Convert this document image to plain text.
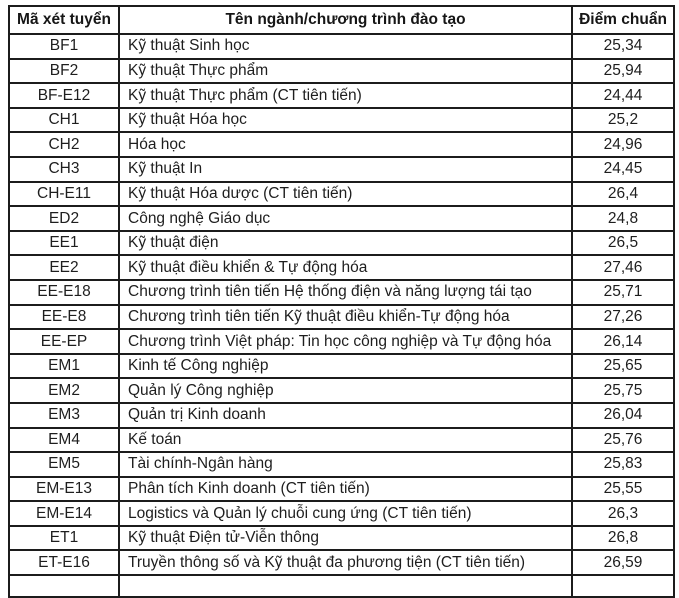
Mã xét tuyển	Tên ngành/chương trình đào tạo	Điểm chuẩn
BF1	Kỹ thuật Sinh học	25,34
BF2	Kỹ thuật Thực phẩm	25,94
BF-E12	Kỹ thuật Thực phẩm (CT tiên tiến)	24,44
CH1	Kỹ thuật Hóa học	25,2
CH2	Hóa học	24,96
CH3	Kỹ thuật In	24,45
CH-E11	Kỹ thuật Hóa dược (CT tiên tiến)	26,4
ED2	Công nghệ Giáo dục	24,8
EE1	Kỹ thuật điện	26,5
EE2	Kỹ thuật điều khiển & Tự động hóa	27,46
EE-E18	Chương trình tiên tiến Hệ thống điện và năng lượng tái tạo	25,71
EE-E8	Chương trình tiên tiến Kỹ thuật điều khiển-Tự động hóa	27,26
EE-EP	Chương trình Việt pháp: Tin học công nghiệp và Tự động hóa	26,14
EM1	Kinh tế Công nghiệp	25,65
EM2	Quản lý Công nghiệp	25,75
EM3	Quản trị Kinh doanh	26,04
EM4	Kế toán	25,76
EM5	Tài chính-Ngân hàng	25,83
EM-E13	Phân tích Kinh doanh (CT tiên tiến)	25,55
EM-E14	Logistics và Quản lý chuỗi cung ứng (CT tiên tiến)	26,3
ET1	Kỹ thuật Điện tử-Viễn thông	26,8
ET-E16	Truyền thông số và Kỹ thuật đa phương tiện (CT tiên tiến)	26,59
